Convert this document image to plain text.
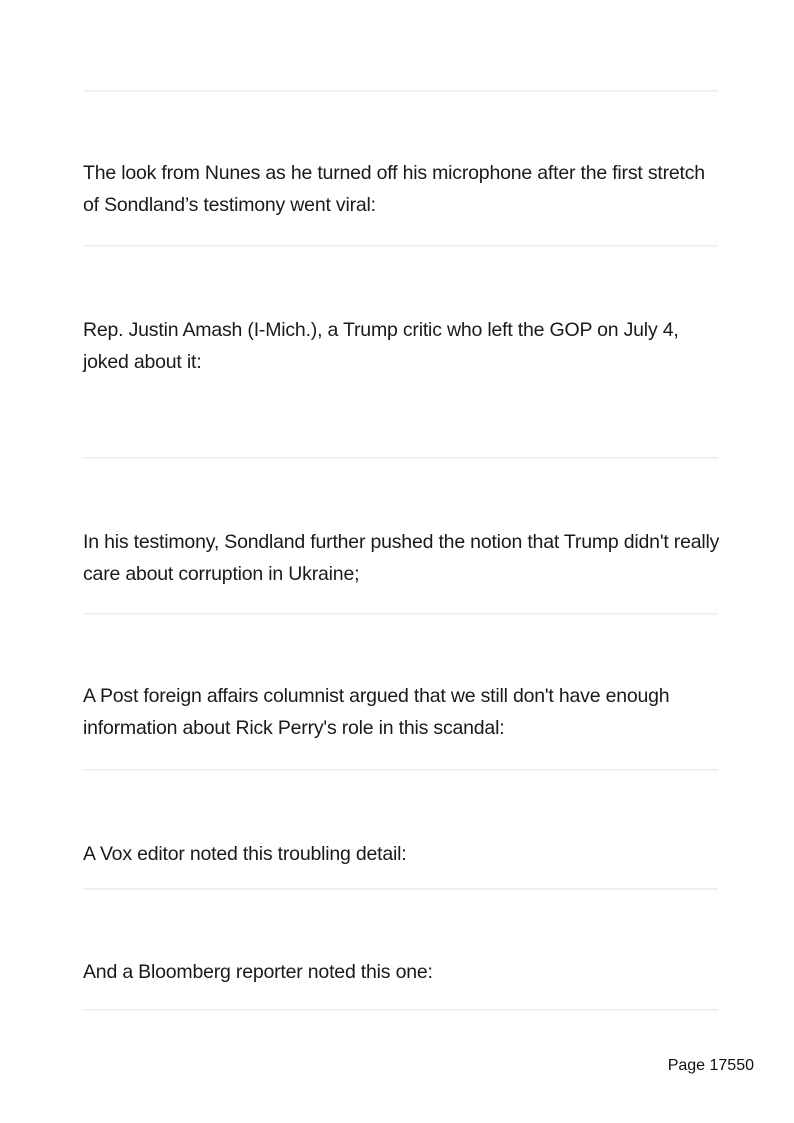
The look from Nunes as he turned off his microphone after the first stretch of Sondland’s testimony went viral:

Rep. Justin Amash (I-Mich.), a Trump critic who left the GOP on July 4, joked about it:

In his testimony, Sondland further pushed the notion that Trump didn't really care about corruption in Ukraine;

A Post foreign affairs columnist argued that we still don't have enough information about Rick Perry's role in this scandal:

A Vox editor noted this troubling detail:

And a Bloomberg reporter noted this one:

Page 17550
